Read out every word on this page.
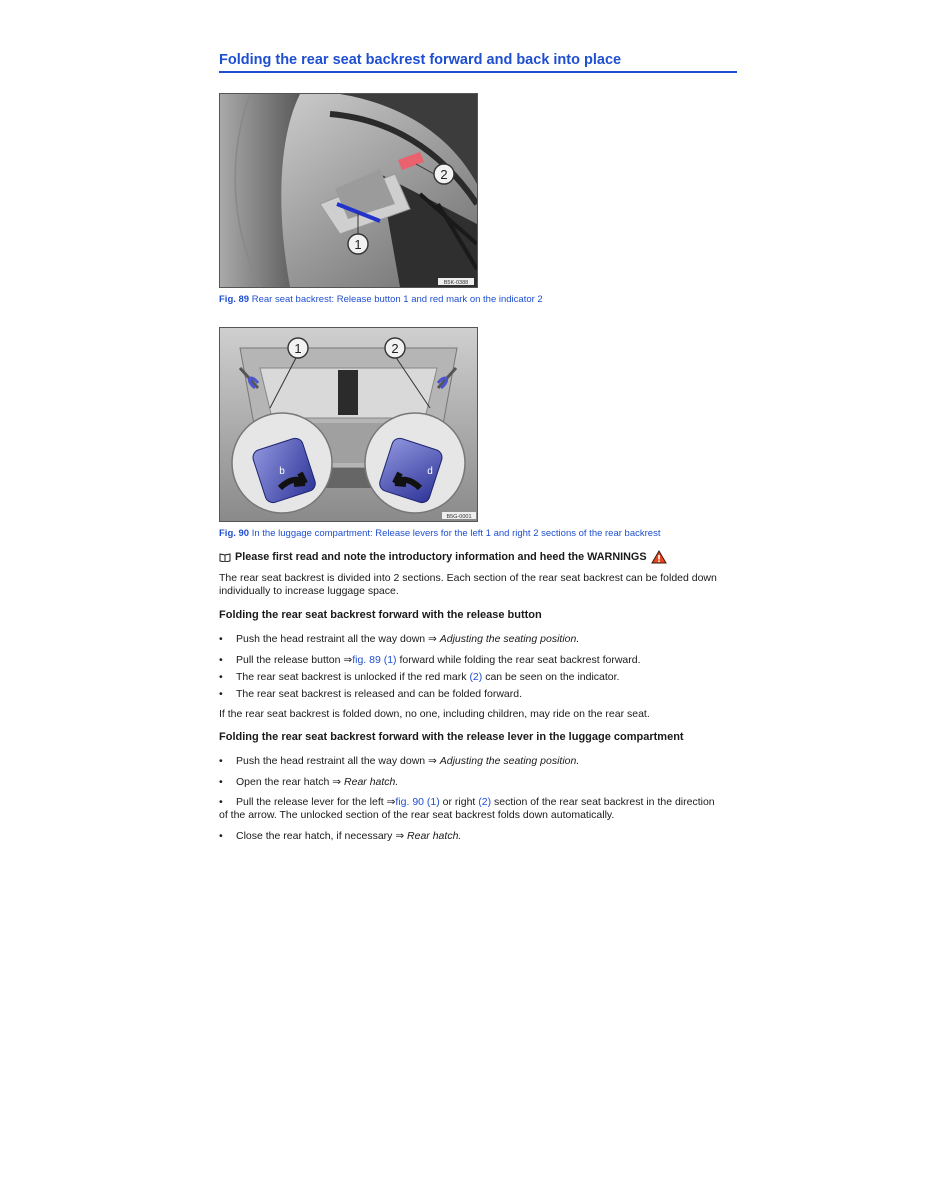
Folding the rear seat backrest forward and back into place
1
2
B5K-0388
Fig. 89 Rear seat backrest: Release button 1 and red mark on the indicator 2
b	d
1	2
B5G-0001
Fig. 90 In the luggage compartment: Release levers for the left 1 and right 2 sections of the rear backrest
Please first read and note the introductory information and heed the WARNINGS
The rear seat backrest is divided into 2 sections. Each section of the rear seat backrest can be folded down individually to increase luggage space.
Folding the rear seat backrest forward with the release button
•	Push the head restraint all the way down ⇒ Adjusting the seating position.
•	Pull the release button ⇒fig. 89 (1) forward while folding the rear seat backrest forward.
•	The rear seat backrest is unlocked if the red mark (2) can be seen on the indicator.
•	The rear seat backrest is released and can be folded forward.
If the rear seat backrest is folded down, no one, including children, may ride on the rear seat.
Folding the rear seat backrest forward with the release lever in the luggage compartment
•	Push the head restraint all the way down ⇒ Adjusting the seating position.
•	Open the rear hatch ⇒ Rear hatch.
• Pull the release lever for the left ⇒fig. 90 (1) or right (2) section of the rear seat backrest in the direction of the arrow. The unlocked section of the rear seat backrest folds down automatically.
•	Close the rear hatch, if necessary ⇒ Rear hatch.
